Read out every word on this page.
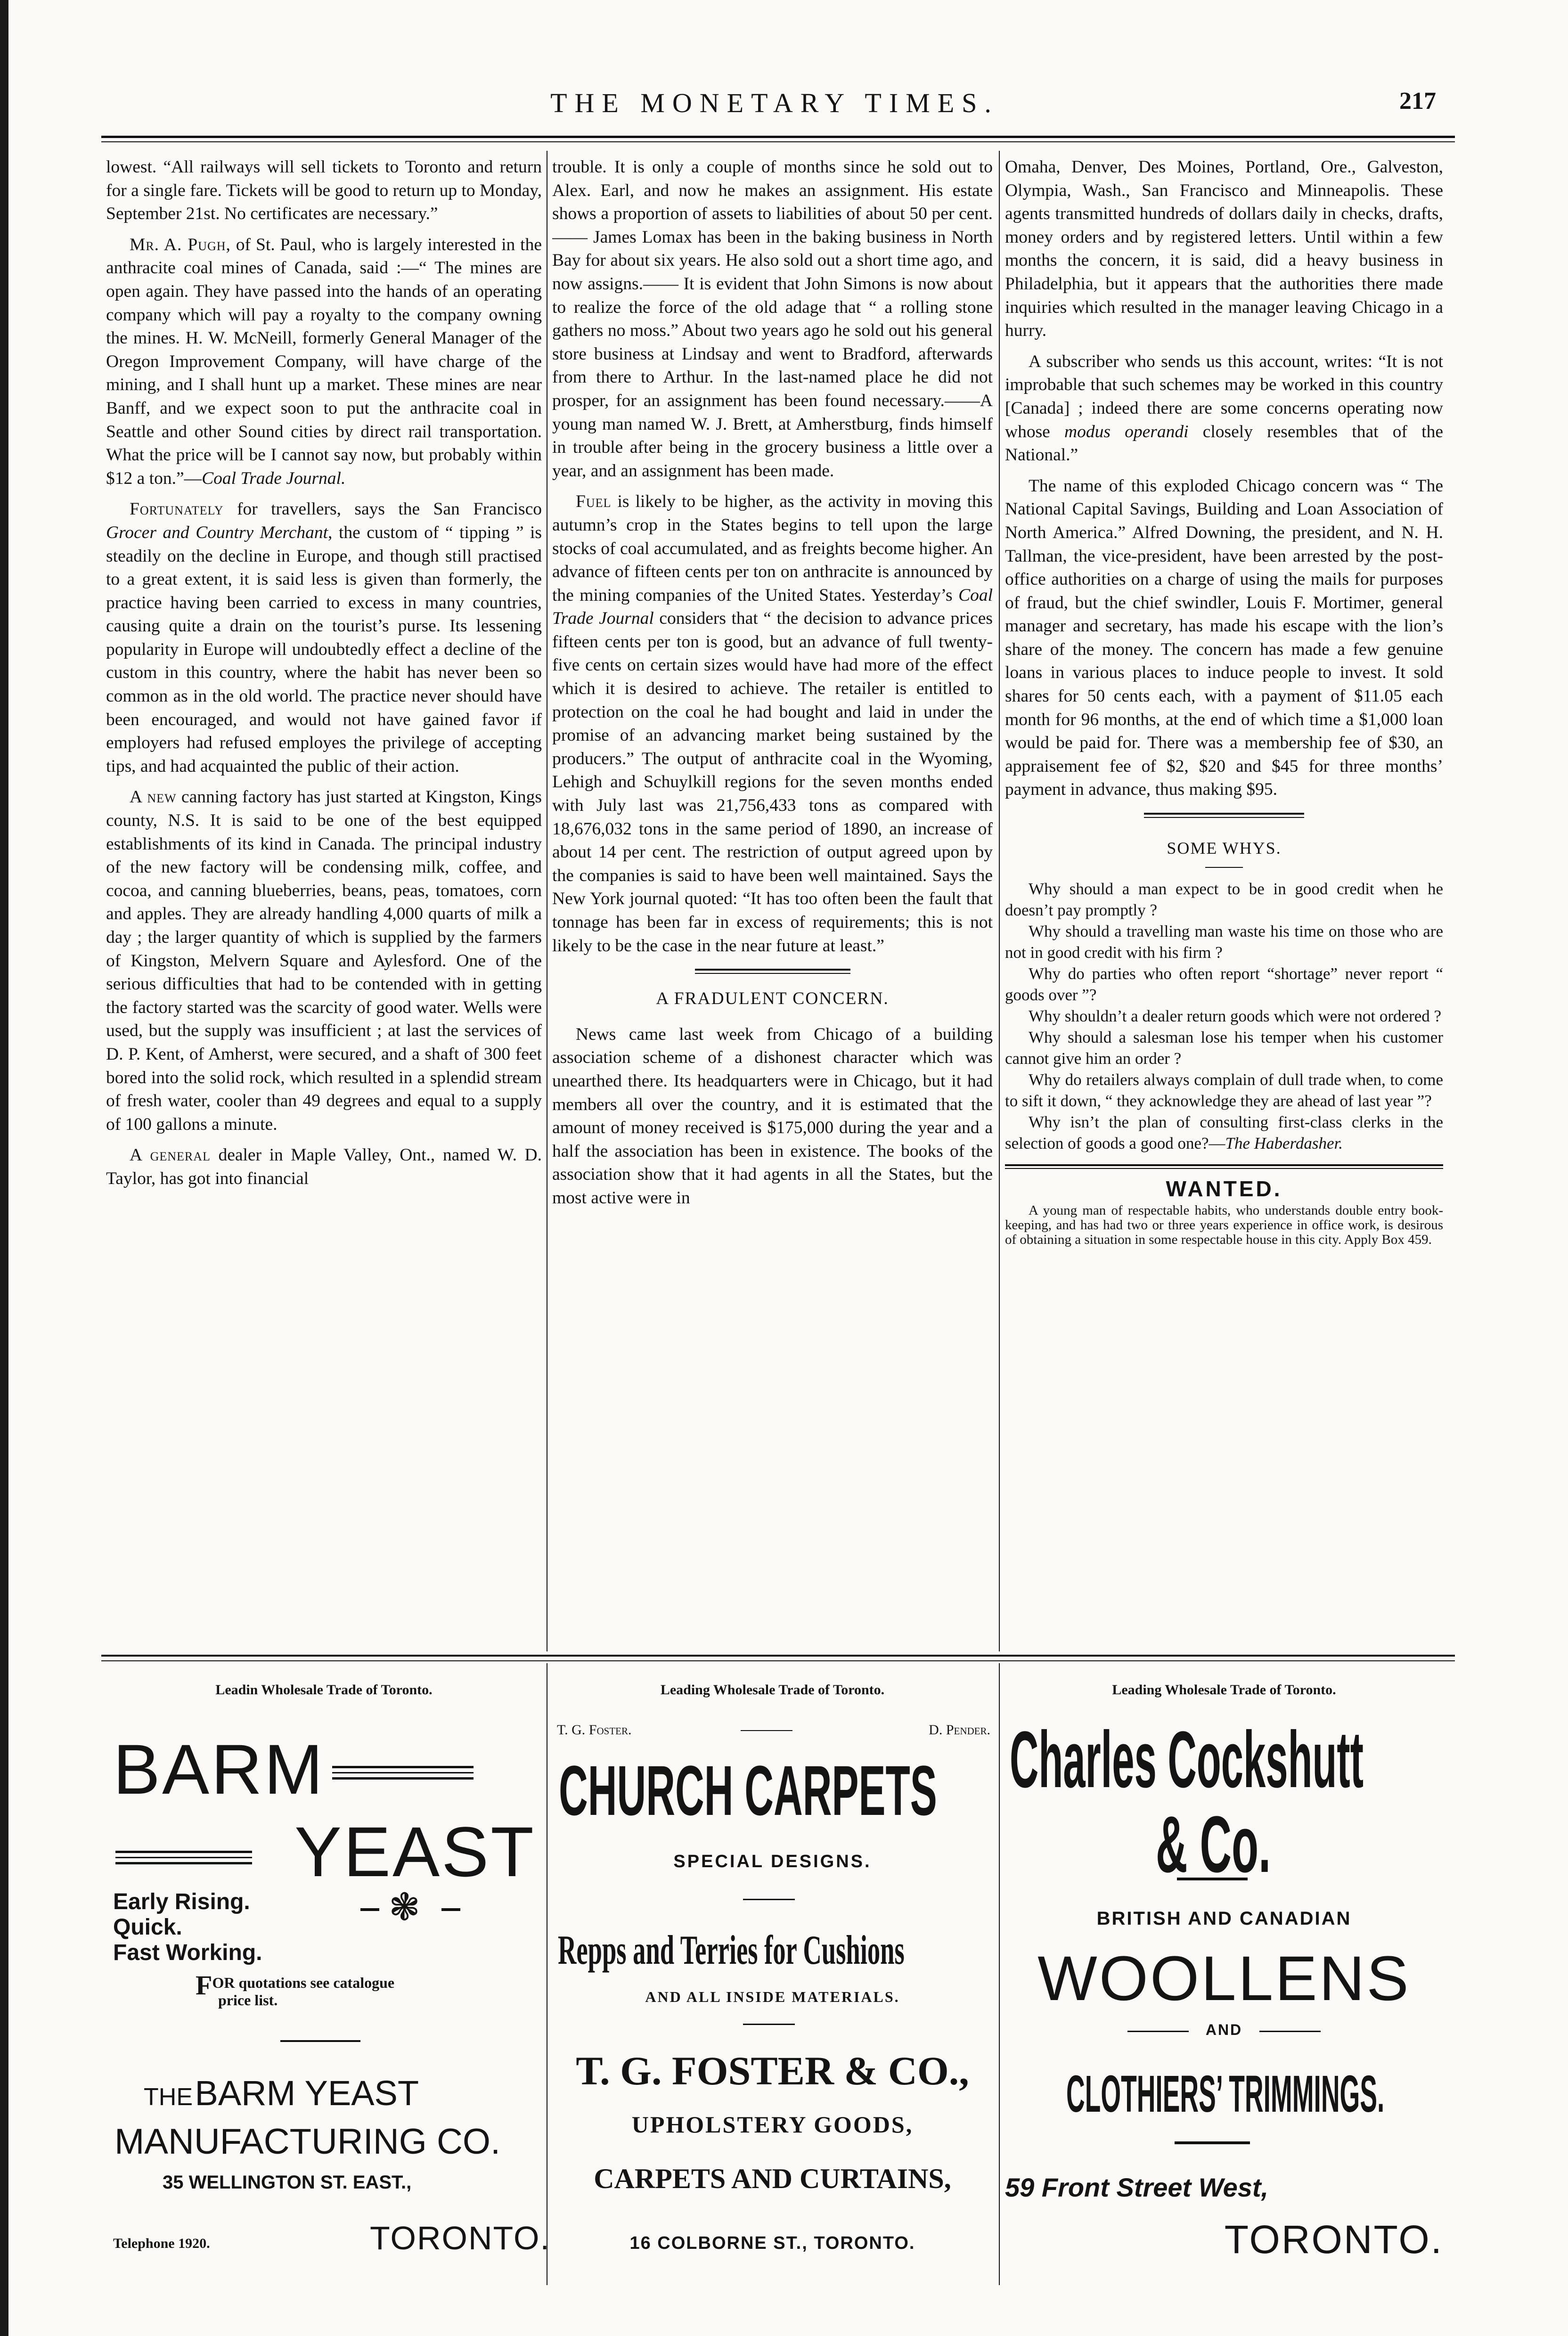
THE MONETARY TIMES.	217

lowest. “All railways will sell tickets to Toronto and return for a single fare. Tickets will be good to return up to Monday, September 21st. No certificates are necessary.”

Mr. A. Pugh, of St. Paul, who is largely interested in the anthracite coal mines of Canada, said :—“ The mines are open again. They have passed into the hands of an operating company which will pay a royalty to the company owning the mines. H. W. McNeill, formerly General Manager of the Oregon Improvement Company, will have charge of the mining, and I shall hunt up a market. These mines are near Banff, and we expect soon to put the anthracite coal in Seattle and other Sound cities by direct rail transportation. What the price will be I cannot say now, but probably within $12 a ton.”—Coal Trade Journal.

Fortunately for travellers, says the San Francisco Grocer and Country Merchant, the custom of “ tipping ” is steadily on the decline in Europe, and though still practised to a great extent, it is said less is given than formerly, the practice having been carried to excess in many countries, causing quite a drain on the tourist’s purse. Its lessening popularity in Europe will undoubtedly effect a decline of the custom in this country, where the habit has never been so common as in the old world. The practice never should have been encouraged, and would not have gained favor if employers had refused employes the privilege of accepting tips, and had acquainted the public of their action.

A new canning factory has just started at Kingston, Kings county, N.S. It is said to be one of the best equipped establishments of its kind in Canada. The principal industry of the new factory will be condensing milk, coffee, and cocoa, and canning blueberries, beans, peas, tomatoes, corn and apples. They are already handling 4,000 quarts of milk a day ; the larger quantity of which is supplied by the farmers of Kingston, Melvern Square and Aylesford. One of the serious difficulties that had to be contended with in getting the factory started was the scarcity of good water. Wells were used, but the supply was insufficient ; at last the services of D. P. Kent, of Amherst, were secured, and a shaft of 300 feet bored into the solid rock, which resulted in a splendid stream of fresh water, cooler than 49 degrees and equal to a supply of 100 gallons a minute.

A general dealer in Maple Valley, Ont., named W. D. Taylor, has got into financial

trouble. It is only a couple of months since he sold out to Alex. Earl, and now he makes an assignment. His estate shows a proportion of assets to liabilities of about 50 per cent.—— James Lomax has been in the baking business in North Bay for about six years. He also sold out a short time ago, and now assigns.—— It is evident that John Simons is now about to realize the force of the old adage that “ a rolling stone gathers no moss.” About two years ago he sold out his general store business at Lindsay and went to Bradford, afterwards from there to Arthur. In the last-named place he did not prosper, for an assignment has been found necessary.——A young man named W. J. Brett, at Amherstburg, finds himself in trouble after being in the grocery business a little over a year, and an assignment has been made.

Fuel is likely to be higher, as the activity in moving this autumn’s crop in the States begins to tell upon the large stocks of coal accumulated, and as freights become higher. An advance of fifteen cents per ton on anthracite is announced by the mining companies of the United States. Yesterday’s Coal Trade Journal considers that “ the decision to advance prices fifteen cents per ton is good, but an advance of full twenty-five cents on certain sizes would have had more of the effect which it is desired to achieve. The retailer is entitled to protection on the coal he had bought and laid in under the promise of an advancing market being sustained by the producers.” The output of anthracite coal in the Wyoming, Lehigh and Schuylkill regions for the seven months ended with July last was 21,756,433 tons as compared with 18,676,032 tons in the same period of 1890, an increase of about 14 per cent. The restriction of output agreed upon by the companies is said to have been well maintained. Says the New York journal quoted: “It has too often been the fault that tonnage has been far in excess of requirements; this is not likely to be the case in the near future at least.”

A FRADULENT CONCERN.

News came last week from Chicago of a building association scheme of a dishonest character which was unearthed there. Its headquarters were in Chicago, but it had members all over the country, and it is estimated that the amount of money received is $175,000 during the year and a half the association has been in existence. The books of the association show that it had agents in all the States, but the most active were in

Omaha, Denver, Des Moines, Portland, Ore., Galveston, Olympia, Wash., San Francisco and Minneapolis. These agents transmitted hundreds of dollars daily in checks, drafts, money orders and by registered letters. Until within a few months the concern, it is said, did a heavy business in Philadelphia, but it appears that the authorities there made inquiries which resulted in the manager leaving Chicago in a hurry.

A subscriber who sends us this account, writes: “It is not improbable that such schemes may be worked in this country [Canada] ; indeed there are some concerns operating now whose modus operandi closely resembles that of the National.”

The name of this exploded Chicago concern was “ The National Capital Savings, Building and Loan Association of North America.” Alfred Downing, the president, and N. H. Tallman, the vice-president, have been arrested by the post-office authorities on a charge of using the mails for purposes of fraud, but the chief swindler, Louis F. Mortimer, general manager and secretary, has made his escape with the lion’s share of the money. The concern has made a few genuine loans in various places to induce people to invest. It sold shares for 50 cents each, with a payment of $11.05 each month for 96 months, at the end of which time a $1,000 loan would be paid for. There was a membership fee of $30, an appraisement fee of $2, $20 and $45 for three months’ payment in advance, thus making $95.

SOME WHYS.

Why should a man expect to be in good credit when he doesn’t pay promptly ?

Why should a travelling man waste his time on those who are not in good credit with his firm ?

Why do parties who often report “shortage” never report “ goods over ”?

Why shouldn’t a dealer return goods which were not ordered ?

Why should a salesman lose his temper when his customer cannot give him an order ?

Why do retailers always complain of dull trade when, to come to sift it down, “ they acknowledge they are ahead of last year ”?

Why isn’t the plan of consulting first-class clerks in the selection of goods a good one?—The Haberdasher.

WANTED.

A young man of respectable habits, who understands double entry book-keeping, and has had two or three years experience in office work, is desirous of obtaining a situation in some respectable house in this city. Apply Box 459.

Leadin Wholesale Trade of Toronto.
BARM
YEAST
Early Rising.
Quick.
Fast Working.
❃
FOR quotations see catalogue
price list.
THE BARM YEAST
MANUFACTURING CO.
35 WELLINGTON ST. EAST.,
Telephone 1920.	TORONTO.
Leading Wholesale Trade of Toronto.
T. G. Foster.	D. Pender.
CHURCH CARPETS
SPECIAL DESIGNS.
Repps and Terries for Cushions
AND ALL INSIDE MATERIALS.
T. G. FOSTER & CO.,
UPHOLSTERY GOODS,
CARPETS AND CURTAINS,
16 COLBORNE ST., TORONTO.
Leading Wholesale Trade of Toronto.
Charles Cockshutt
& Co.
BRITISH AND CANADIAN
WOOLLENS
AND
CLOTHIERS’ TRIMMINGS.
59 Front Street West,
TORONTO.
